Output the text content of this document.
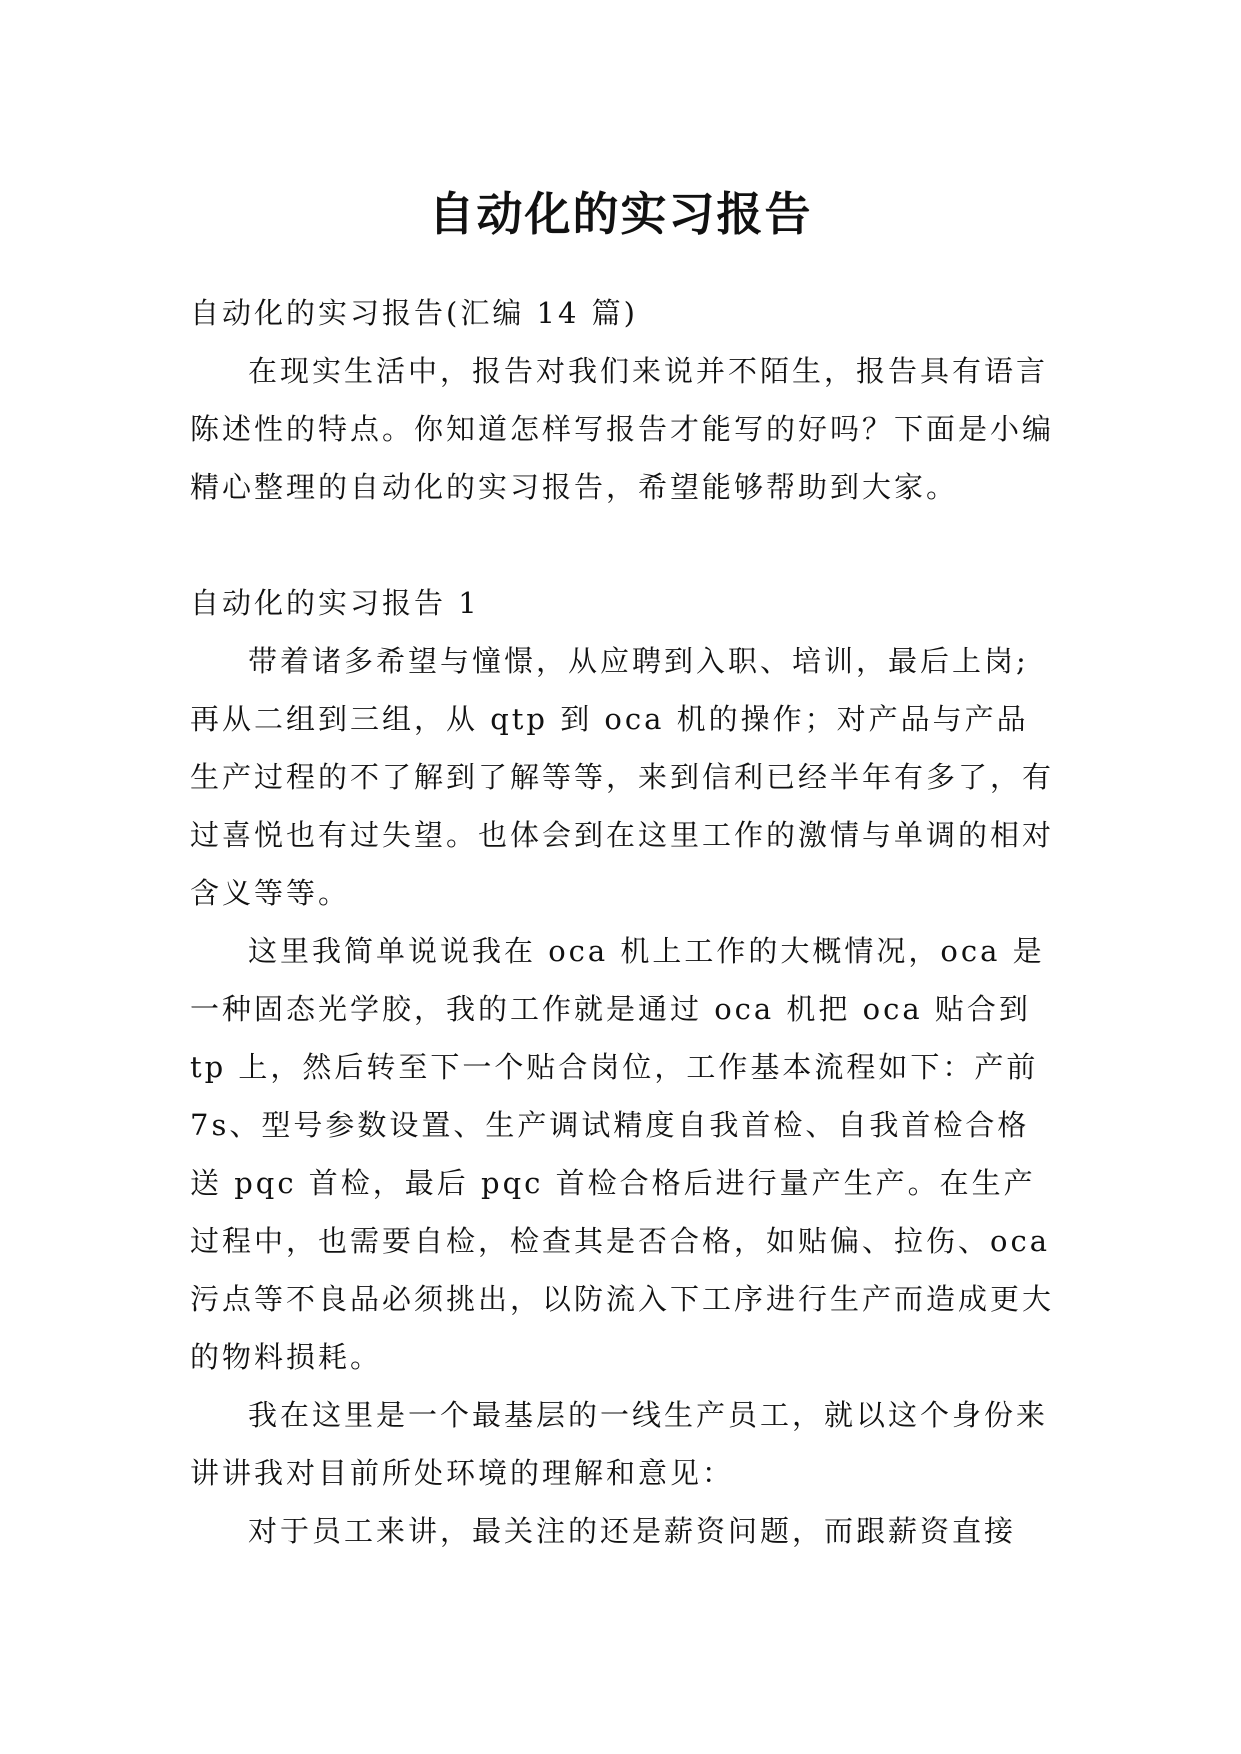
自动化的实习报告

自动化的实习报告(汇编 14 篇)

在现实生活中，报告对我们来说并不陌生，报告具有语言陈述性的特点。你知道怎样写报告才能写的好吗？下面是小编精心整理的自动化的实习报告，希望能够帮助到大家。

自动化的实习报告 1

带着诸多希望与憧憬，从应聘到入职、培训，最后上岗;再从二组到三组，从 qtp 到 oca 机的操作；对产品与产品生产过程的不了解到了解等等，来到信利已经半年有多了，有过喜悦也有过失望。也体会到在这里工作的激情与单调的相对含义等等。

这里我简单说说我在 oca 机上工作的大概情况，oca 是一种固态光学胶，我的工作就是通过 oca 机把 oca 贴合到 tp 上，然后转至下一个贴合岗位，工作基本流程如下：产前 7s、型号参数设置、生产调试精度自我首检、自我首检合格送 pqc 首检，最后 pqc 首检合格后进行量产生产。在生产过程中，也需要自检，检查其是否合格，如贴偏、拉伤、oca 污点等不良品必须挑出，以防流入下工序进行生产而造成更大的物料损耗。

我在这里是一个最基层的一线生产员工，就以这个身份来讲讲我对目前所处环境的理解和意见：

对于员工来讲，最关注的还是薪资问题，而跟薪资直接
